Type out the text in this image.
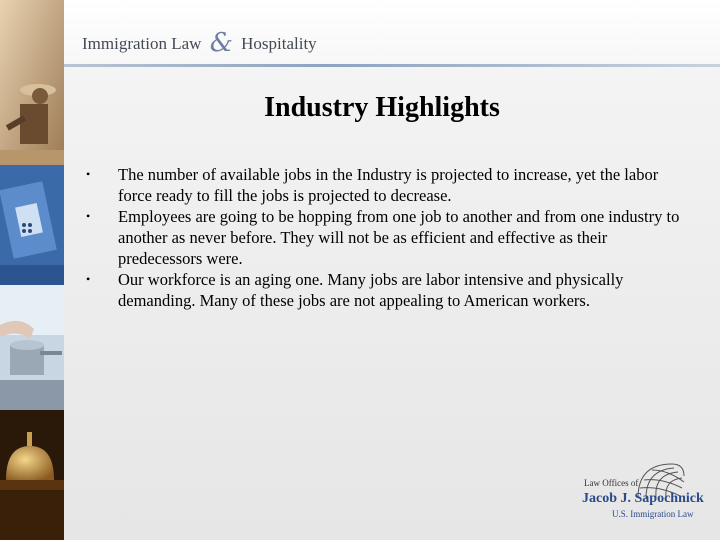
Immigration Law & Hospitality
Industry Highlights
• The number of available jobs in the Industry is projected to increase, yet the labor force ready to fill the jobs is projected to decrease.
• Employees are going to be hopping from one job to another and from one industry to another as never before. They will not be as efficient and effective as their predecessors were.
• Our workforce is an aging one. Many jobs are labor intensive and physically demanding. Many of these jobs are not appealing to American workers.
Law Offices of
Jacob J. Sapochnick
U.S. Immigration Law
